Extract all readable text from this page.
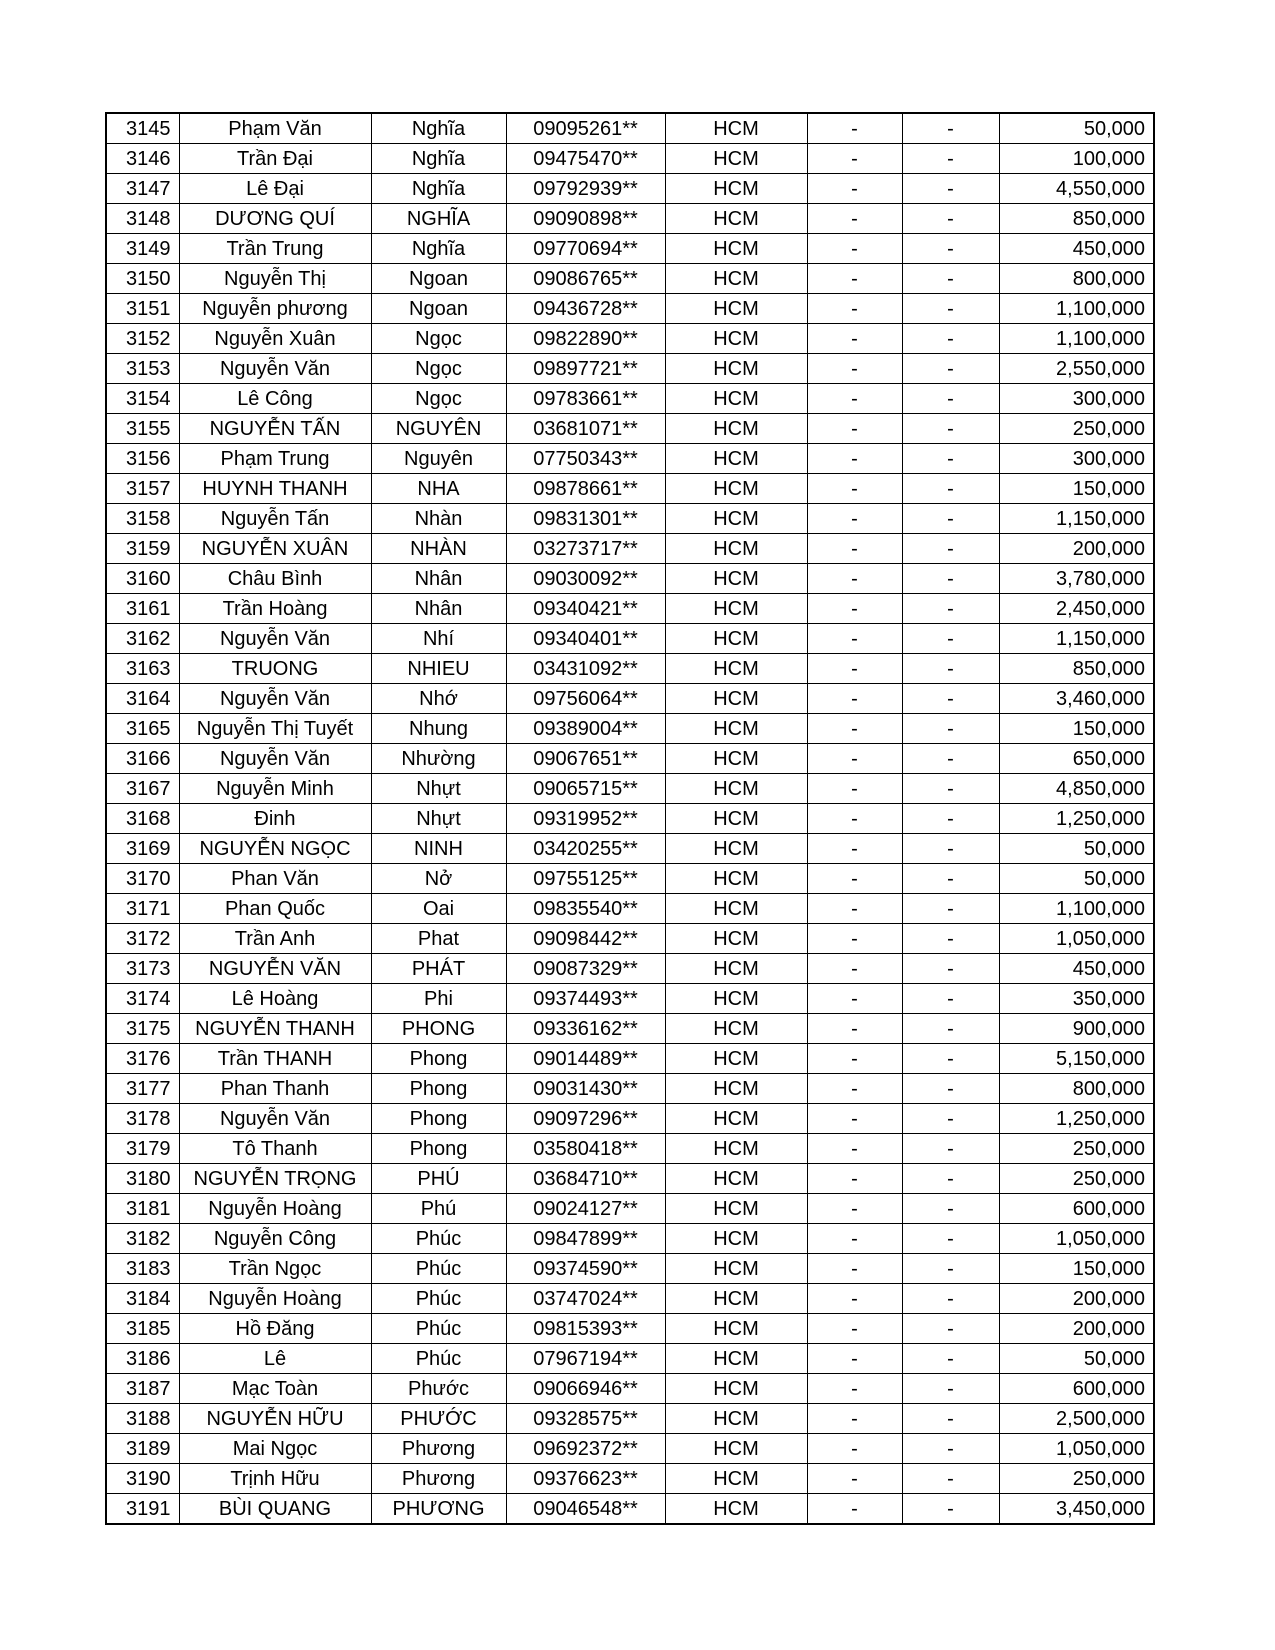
3145	Phạm Văn	Nghĩa	09095261**	HCM	-	-	50,000
3146	Trần Đại	Nghĩa	09475470**	HCM	-	-	100,000
3147	Lê Đại	Nghĩa	09792939**	HCM	-	-	4,550,000
3148	DƯƠNG QUÍ	NGHĨA	09090898**	HCM	-	-	850,000
3149	Trần Trung	Nghĩa	09770694**	HCM	-	-	450,000
3150	Nguyễn Thị	Ngoan	09086765**	HCM	-	-	800,000
3151	Nguyễn phương	Ngoan	09436728**	HCM	-	-	1,100,000
3152	Nguyễn Xuân	Ngọc	09822890**	HCM	-	-	1,100,000
3153	Nguyễn Văn	Ngọc	09897721**	HCM	-	-	2,550,000
3154	Lê Công	Ngọc	09783661**	HCM	-	-	300,000
3155	NGUYỄN TẤN	NGUYÊN	03681071**	HCM	-	-	250,000
3156	Phạm Trung	Nguyên	07750343**	HCM	-	-	300,000
3157	HUYNH THANH	NHA	09878661**	HCM	-	-	150,000
3158	Nguyễn Tấn	Nhàn	09831301**	HCM	-	-	1,150,000
3159	NGUYỄN XUÂN	NHÀN	03273717**	HCM	-	-	200,000
3160	Châu Bình	Nhân	09030092**	HCM	-	-	3,780,000
3161	Trần Hoàng	Nhân	09340421**	HCM	-	-	2,450,000
3162	Nguyễn Văn	Nhí	09340401**	HCM	-	-	1,150,000
3163	TRUONG	NHIEU	03431092**	HCM	-	-	850,000
3164	Nguyễn Văn	Nhớ	09756064**	HCM	-	-	3,460,000
3165	Nguyễn Thị Tuyết	Nhung	09389004**	HCM	-	-	150,000
3166	Nguyễn Văn	Nhường	09067651**	HCM	-	-	650,000
3167	Nguyễn Minh	Nhựt	09065715**	HCM	-	-	4,850,000
3168	Đinh	Nhựt	09319952**	HCM	-	-	1,250,000
3169	NGUYỄN NGỌC	NINH	03420255**	HCM	-	-	50,000
3170	Phan Văn	Nở	09755125**	HCM	-	-	50,000
3171	Phan Quốc	Oai	09835540**	HCM	-	-	1,100,000
3172	Trần Anh	Phat	09098442**	HCM	-	-	1,050,000
3173	NGUYỄN VĂN	PHÁT	09087329**	HCM	-	-	450,000
3174	Lê Hoàng	Phi	09374493**	HCM	-	-	350,000
3175	NGUYỄN THANH	PHONG	09336162**	HCM	-	-	900,000
3176	Trần THANH	Phong	09014489**	HCM	-	-	5,150,000
3177	Phan Thanh	Phong	09031430**	HCM	-	-	800,000
3178	Nguyễn Văn	Phong	09097296**	HCM	-	-	1,250,000
3179	Tô Thanh	Phong	03580418**	HCM	-	-	250,000
3180	NGUYỄN TRỌNG	PHÚ	03684710**	HCM	-	-	250,000
3181	Nguyễn Hoàng	Phú	09024127**	HCM	-	-	600,000
3182	Nguyễn Công	Phúc	09847899**	HCM	-	-	1,050,000
3183	Trần Ngọc	Phúc	09374590**	HCM	-	-	150,000
3184	Nguyễn Hoàng	Phúc	03747024**	HCM	-	-	200,000
3185	Hồ Đăng	Phúc	09815393**	HCM	-	-	200,000
3186	Lê	Phúc	07967194**	HCM	-	-	50,000
3187	Mạc Toàn	Phước	09066946**	HCM	-	-	600,000
3188	NGUYỄN HỮU	PHƯỚC	09328575**	HCM	-	-	2,500,000
3189	Mai Ngọc	Phương	09692372**	HCM	-	-	1,050,000
3190	Trịnh Hữu	Phương	09376623**	HCM	-	-	250,000
3191	BÙI QUANG	PHƯƠNG	09046548**	HCM	-	-	3,450,000
